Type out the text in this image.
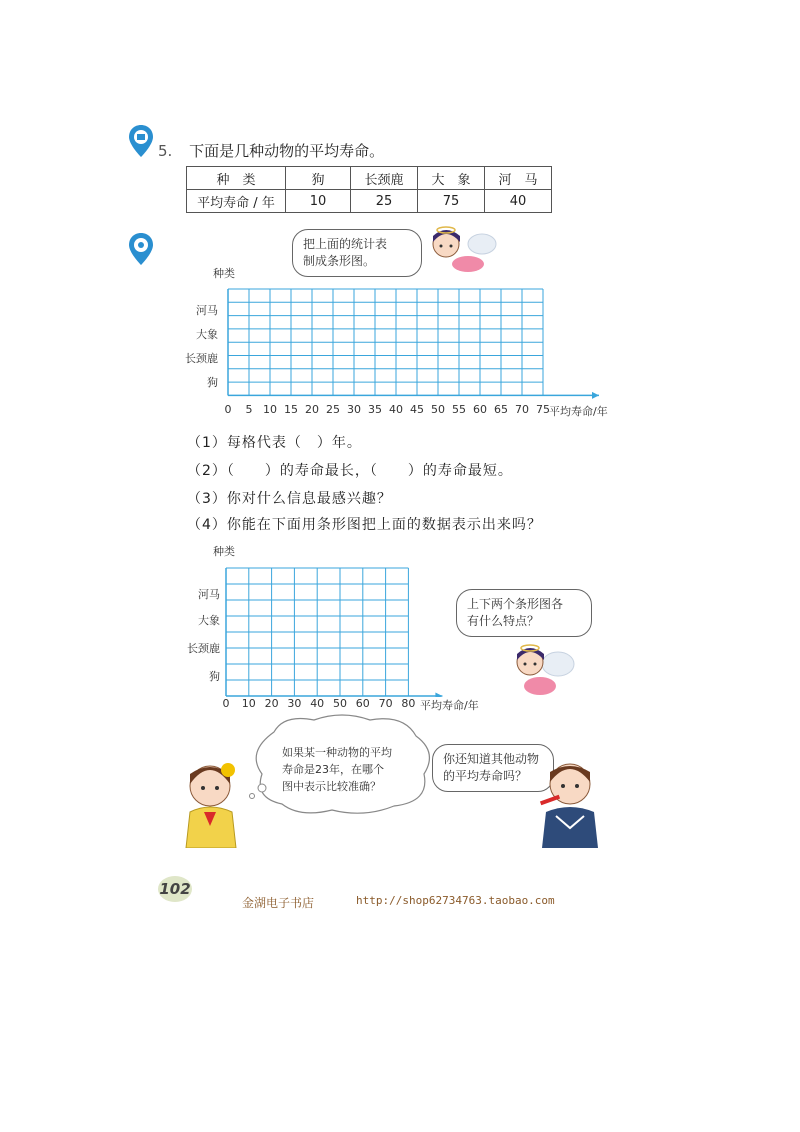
5. 下面是几种动物的平均寿命。
种　类	狗	长颈鹿	大　象	河　马
平均寿命 / 年	10	25	75	40
把上面的统计表
制成条形图。
种类
河马
大象
长颈鹿
狗
0 5 10 15 20 25 30 35 40 45 50 55 60 65 70 75 平均寿命/年
（1）每格代表（　）年。
（2）（　　）的寿命最长，（　　）的寿命最短。
（3）你对什么信息最感兴趣？
（4）你能在下面用条形图把上面的数据表示出来吗？
种类
河马
大象
长颈鹿
狗
0 10 20 30 40 50 60 70 80 平均寿命/年
上下两个条形图各
有什么特点？
如果某一种动物的平均
寿命是23年，在哪个
图中表示比较准确？
你还知道其他动物
的平均寿命吗？
102
金湖电子书店	http://shop62734763.taobao.com
